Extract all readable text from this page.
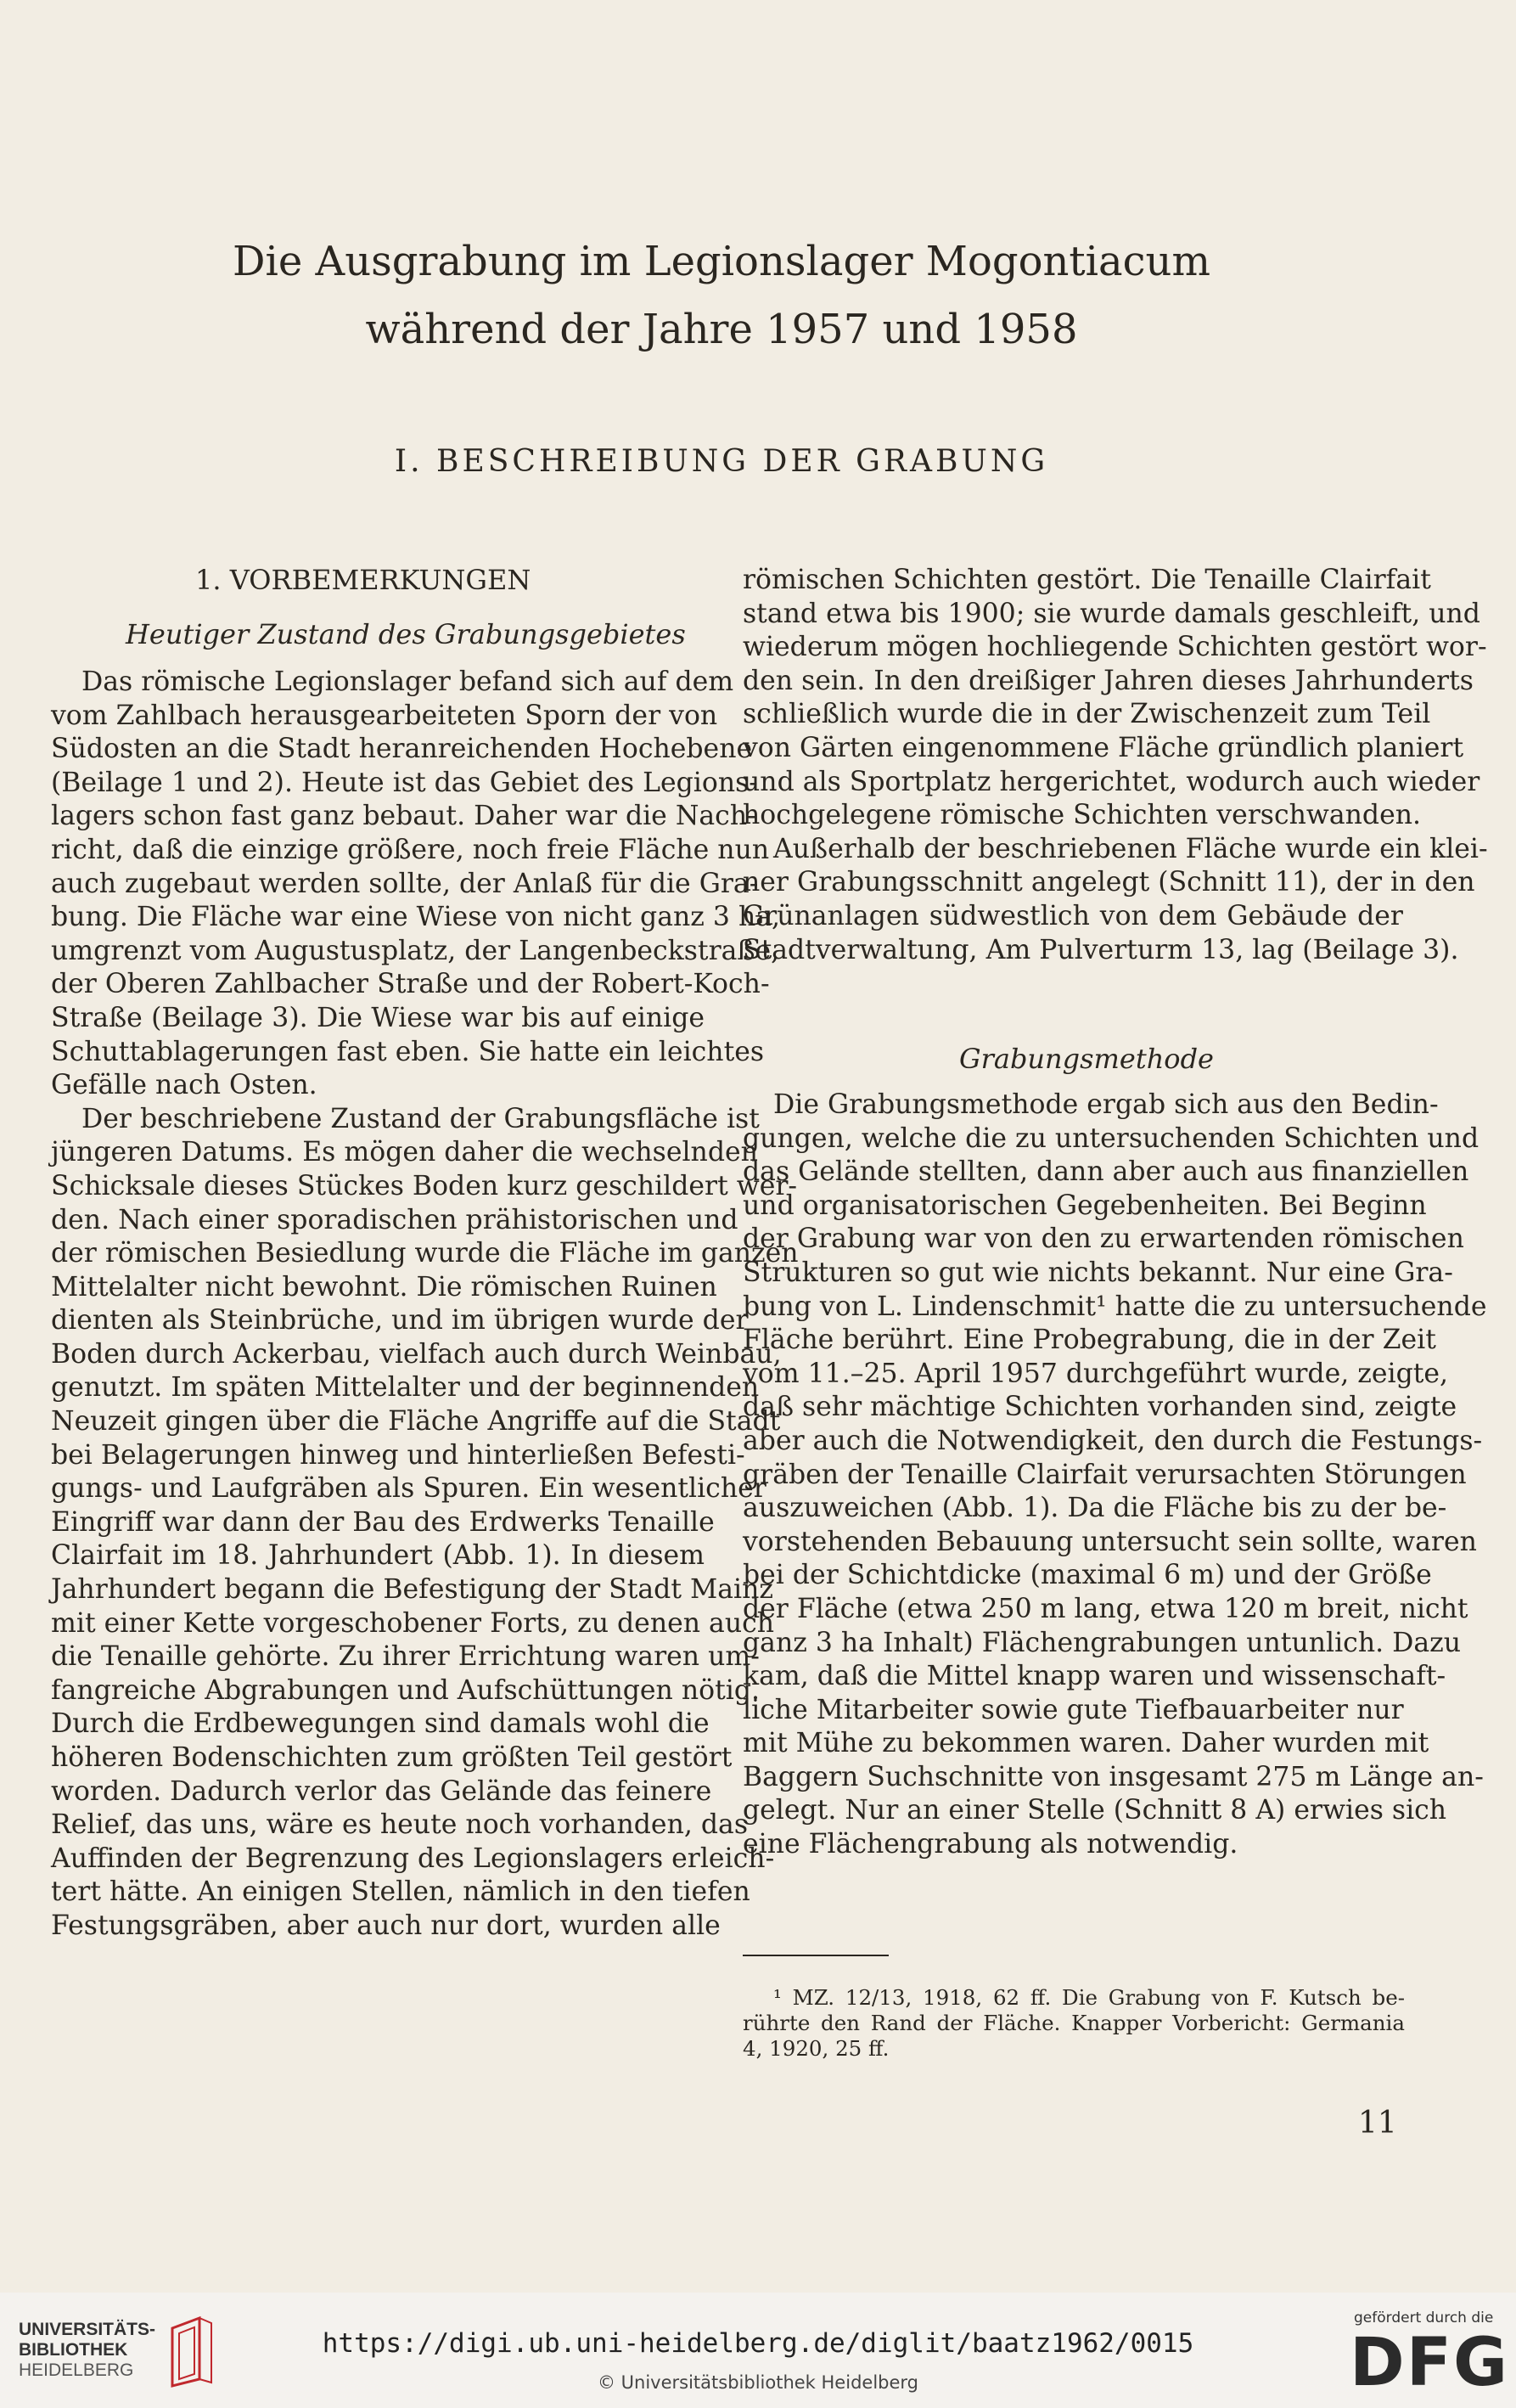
Die Ausgrabung im Legionslager Mogontiacum
während der Jahre 1957 und 1958
I. BESCHREIBUNG DER GRABUNG
1. VORBEMERKUNGEN
Heutiger Zustand des Grabungsgebietes
Das römische Legionslager befand sich auf dem
vom Zahlbach herausgearbeiteten Sporn der von
Südosten an die Stadt heranreichenden Hochebene
(Beilage 1 und 2). Heute ist das Gebiet des Legions-
lagers schon fast ganz bebaut. Daher war die Nach-
richt, daß die einzige größere, noch freie Fläche nun
auch zugebaut werden sollte, der Anlaß für die Gra-
bung. Die Fläche war eine Wiese von nicht ganz 3 ha,
umgrenzt vom Augustusplatz, der Langenbeckstraße,
der Oberen Zahlbacher Straße und der Robert-Koch-
Straße (Beilage 3). Die Wiese war bis auf einige
Schuttablagerungen fast eben. Sie hatte ein leichtes
Gefälle nach Osten.
Der beschriebene Zustand der Grabungsfläche ist
jüngeren Datums. Es mögen daher die wechselnden
Schicksale dieses Stückes Boden kurz geschildert wer-
den. Nach einer sporadischen prähistorischen und
der römischen Besiedlung wurde die Fläche im ganzen
Mittelalter nicht bewohnt. Die römischen Ruinen
dienten als Steinbrüche, und im übrigen wurde der
Boden durch Ackerbau, vielfach auch durch Weinbau,
genutzt. Im späten Mittelalter und der beginnenden
Neuzeit gingen über die Fläche Angriffe auf die Stadt
bei Belagerungen hinweg und hinterließen Befesti-
gungs- und Laufgräben als Spuren. Ein wesentlicher
Eingriff war dann der Bau des Erdwerks Tenaille
Clairfait im 18. Jahrhundert (Abb. 1). In diesem
Jahrhundert begann die Befestigung der Stadt Mainz
mit einer Kette vorgeschobener Forts, zu denen auch
die Tenaille gehörte. Zu ihrer Errichtung waren um-
fangreiche Abgrabungen und Aufschüttungen nötig.
Durch die Erdbewegungen sind damals wohl die
höheren Bodenschichten zum größten Teil gestört
worden. Dadurch verlor das Gelände das feinere
Relief, das uns, wäre es heute noch vorhanden, das
Auffinden der Begrenzung des Legionslagers erleich-
tert hätte. An einigen Stellen, nämlich in den tiefen
Festungsgräben, aber auch nur dort, wurden alle
römischen Schichten gestört. Die Tenaille Clairfait
stand etwa bis 1900; sie wurde damals geschleift, und
wiederum mögen hochliegende Schichten gestört wor-
den sein. In den dreißiger Jahren dieses Jahrhunderts
schließlich wurde die in der Zwischenzeit zum Teil
von Gärten eingenommene Fläche gründlich planiert
und als Sportplatz hergerichtet, wodurch auch wieder
hochgelegene römische Schichten verschwanden.
Außerhalb der beschriebenen Fläche wurde ein klei-
ner Grabungsschnitt angelegt (Schnitt 11), der in den
Grünanlagen südwestlich von dem Gebäude der
Stadtverwaltung, Am Pulverturm 13, lag (Beilage 3).
Grabungsmethode
Die Grabungsmethode ergab sich aus den Bedin-
gungen, welche die zu untersuchenden Schichten und
das Gelände stellten, dann aber auch aus finanziellen
und organisatorischen Gegebenheiten. Bei Beginn
der Grabung war von den zu erwartenden römischen
Strukturen so gut wie nichts bekannt. Nur eine Gra-
bung von L. Lindenschmit¹ hatte die zu untersuchende
Fläche berührt. Eine Probegrabung, die in der Zeit
vom 11.–25. April 1957 durchgeführt wurde, zeigte,
daß sehr mächtige Schichten vorhanden sind, zeigte
aber auch die Notwendigkeit, den durch die Festungs-
gräben der Tenaille Clairfait verursachten Störungen
auszuweichen (Abb. 1). Da die Fläche bis zu der be-
vorstehenden Bebauung untersucht sein sollte, waren
bei der Schichtdicke (maximal 6 m) und der Größe
der Fläche (etwa 250 m lang, etwa 120 m breit, nicht
ganz 3 ha Inhalt) Flächengrabungen untunlich. Dazu
kam, daß die Mittel knapp waren und wissenschaft-
liche Mitarbeiter sowie gute Tiefbauarbeiter nur
mit Mühe zu bekommen waren. Daher wurden mit
Baggern Suchschnitte von insgesamt 275 m Länge an-
gelegt. Nur an einer Stelle (Schnitt 8 A) erwies sich
eine Flächengrabung als notwendig.
¹ MZ. 12/13, 1918, 62 ff. Die Grabung von F. Kutsch be-
rührte den Rand der Fläche. Knapper Vorbericht: Germania
4, 1920, 25 ff.
11
UNIVERSITÄTS-
BIBLIOTHEK
HEIDELBERG
https://digi.ub.uni-heidelberg.de/diglit/baatz1962/0015
© Universitätsbibliothek Heidelberg
gefördert durch die
DFG
